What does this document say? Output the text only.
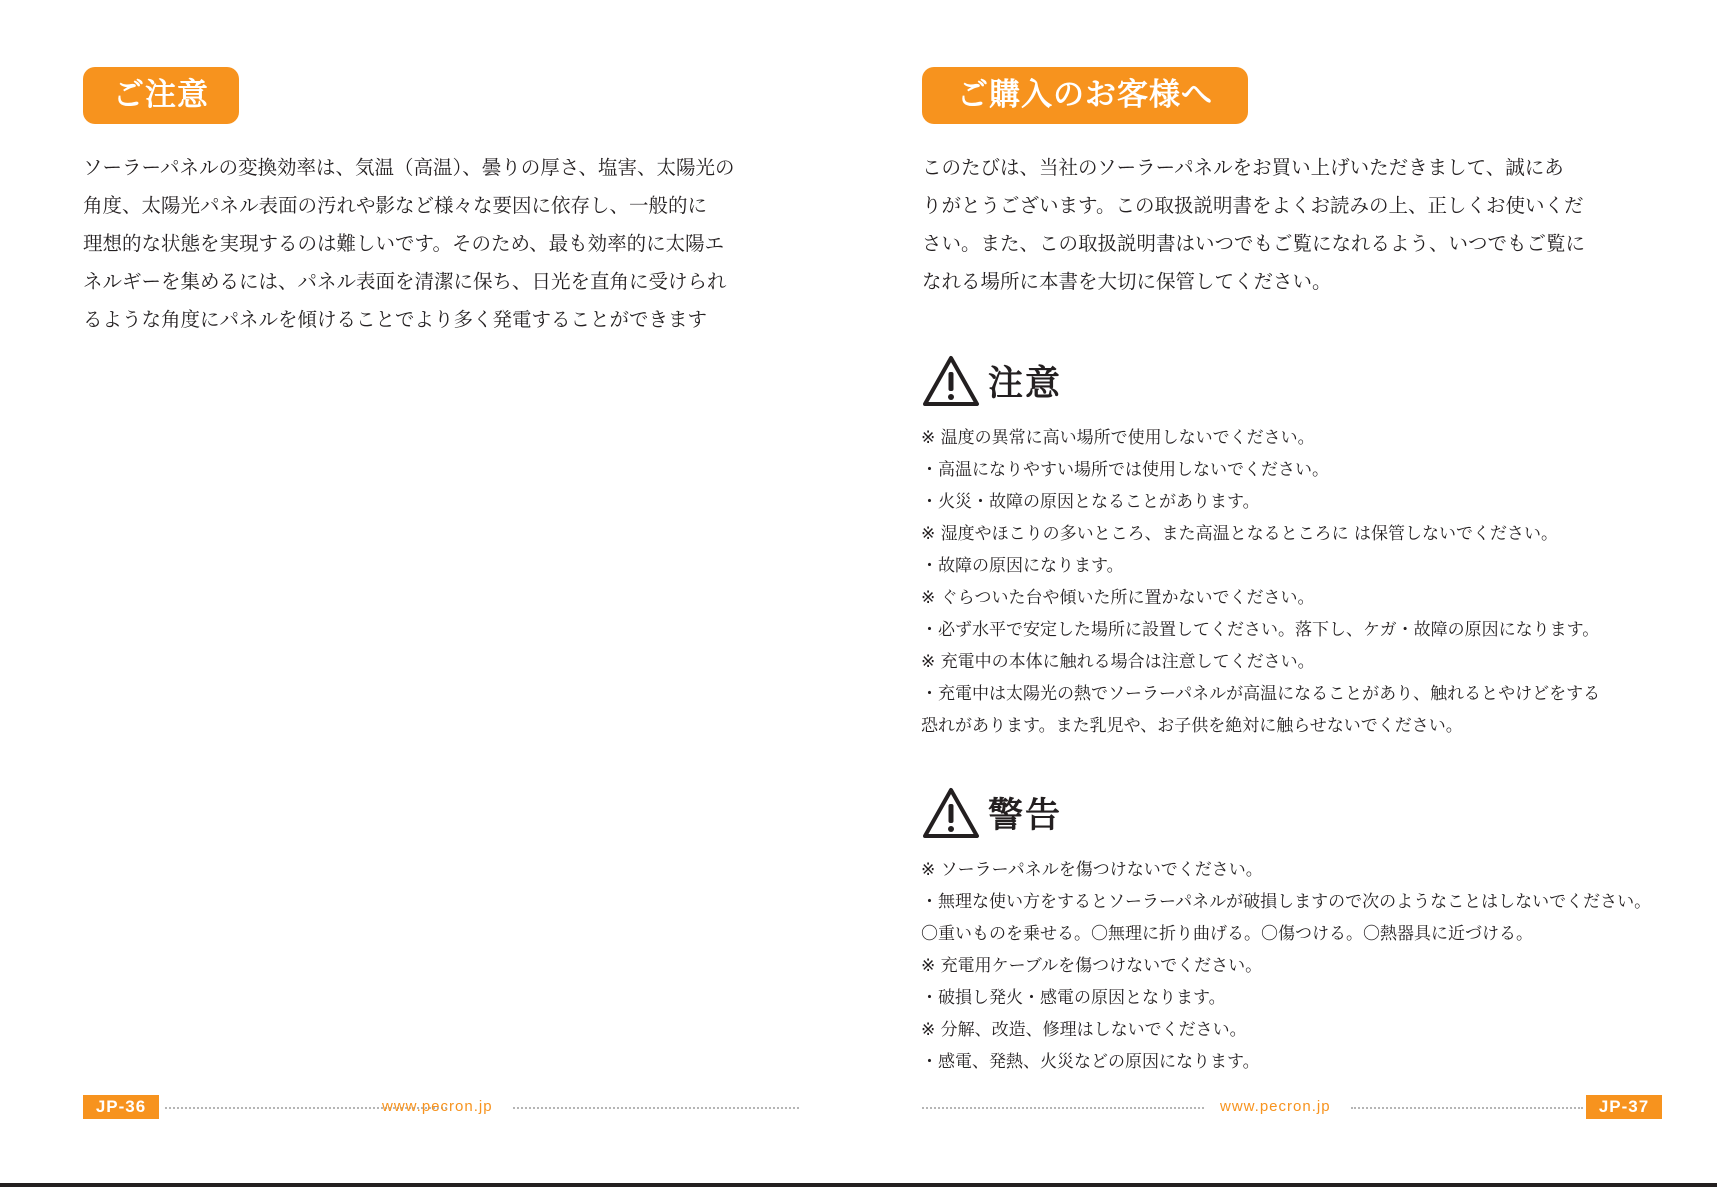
ご注意
ソーラーパネルの変換効率は、気温（高温）、曇りの厚さ、塩害、太陽光の
角度、太陽光パネル表面の汚れや影など様々な要因に依存し、一般的に
理想的な状態を実現するのは難しいです。そのため、最も効率的に太陽エ
ネルギーを集めるには、パネル表面を清潔に保ち、日光を直角に受けられ
るような角度にパネルを傾けることでより多く発電することができます
JP-36	www.pecron.jp
ご購入のお客様へ
このたびは、当社のソーラーパネルをお買い上げいただきまして、誠にあ
りがとうございます。この取扱説明書をよくお読みの上、正しくお使いくだ
さい。また、この取扱説明書はいつでもご覧になれるよう、いつでもご覧に
なれる場所に本書を大切に保管してください。
注意
※ 温度の異常に高い場所で使用しないでください。
・高温になりやすい場所では使用しないでください。
・火災・故障の原因となることがあります。
※ 湿度やほこりの多いところ、また高温となるところに は保管しないでください。
・故障の原因になります。
※ ぐらついた台や傾いた所に置かないでください。
・必ず水平で安定した場所に設置してください。落下し、ケガ・故障の原因になります。
※ 充電中の本体に触れる場合は注意してください。
・充電中は太陽光の熱でソーラーパネルが高温になることがあり、触れるとやけどをする
恐れがあります。また乳児や、お子供を絶対に触らせないでください。
警告
※ ソーラーパネルを傷つけないでください。
・無理な使い方をするとソーラーパネルが破損しますので次のようなことはしないでください。
〇重いものを乗せる。〇無理に折り曲げる。〇傷つける。〇熱器具に近づける。
※ 充電用ケーブルを傷つけないでください。
・破損し発火・感電の原因となります。
※ 分解、改造、修理はしないでください。
・感電、発熱、火災などの原因になります。
www.pecron.jp	JP-37
